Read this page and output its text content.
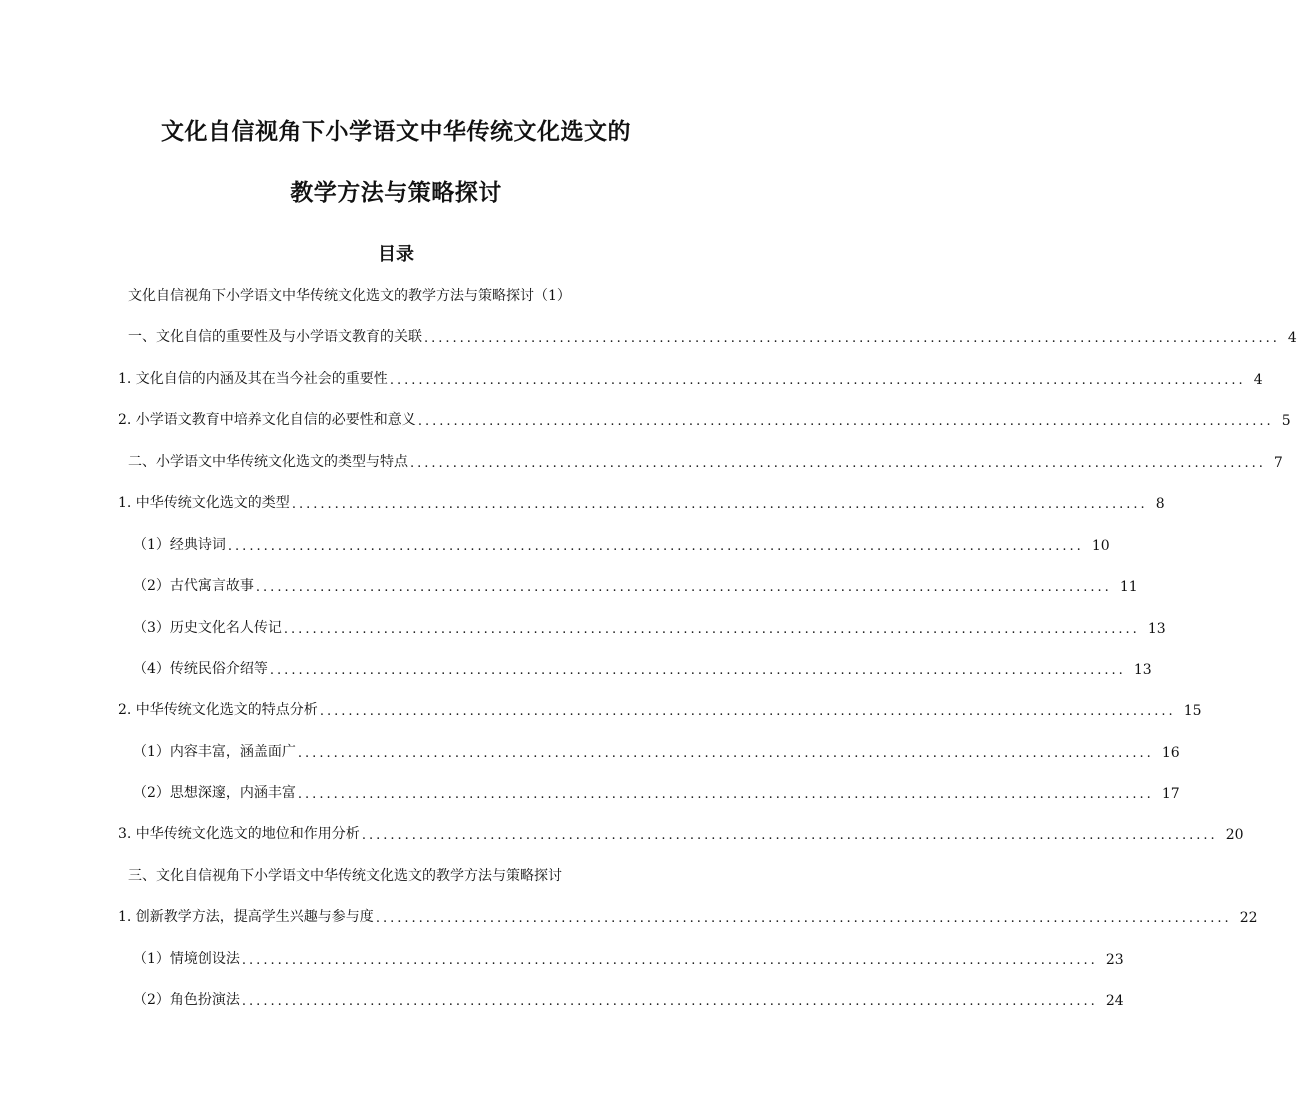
文化自信视角下小学语文中华传统文化选文的
教学方法与策略探讨
目录
文化自信视角下小学语文中华传统文化选文的教学方法与策略探讨（1）
一、文化自信的重要性及与小学语文教育的关联 ........................................................................................................................ 4
1. 文化自信的内涵及其在当今社会的重要性 ........................................................................................................................ 4
2. 小学语文教育中培养文化自信的必要性和意义 ........................................................................................................................ 5
二、小学语文中华传统文化选文的类型与特点 ........................................................................................................................ 7
1. 中华传统文化选文的类型 ........................................................................................................................ 8
（1）经典诗词 ........................................................................................................................ 10
（2）古代寓言故事 ........................................................................................................................ 11
（3）历史文化名人传记 ........................................................................................................................ 13
（4）传统民俗介绍等 ........................................................................................................................ 13
2. 中华传统文化选文的特点分析 ........................................................................................................................ 15
（1）内容丰富，涵盖面广 ........................................................................................................................ 16
（2）思想深邃，内涵丰富 ........................................................................................................................ 17
3. 中华传统文化选文的地位和作用分析 ........................................................................................................................ 20
三、文化自信视角下小学语文中华传统文化选文的教学方法与策略探讨
1. 创新教学方法，提高学生兴趣与参与度 ........................................................................................................................ 22
（1）情境创设法 ........................................................................................................................ 23
（2）角色扮演法 ........................................................................................................................ 24
